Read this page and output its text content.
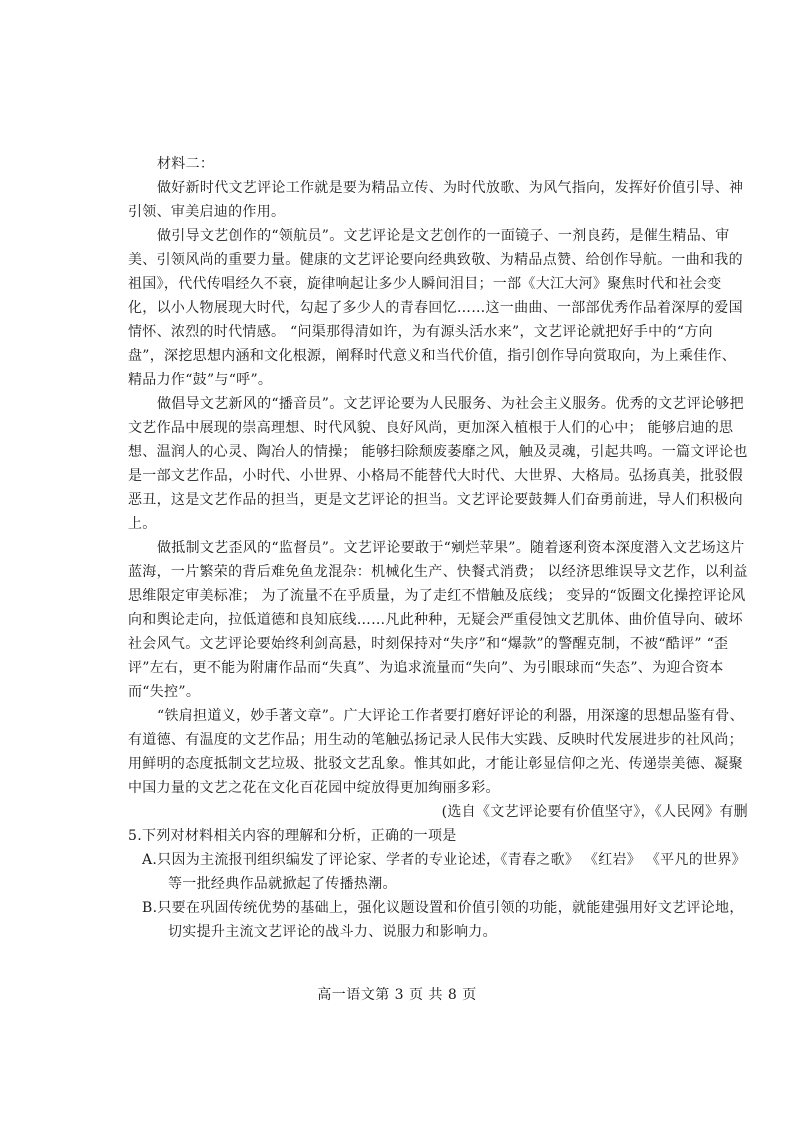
材料二：

做好新时代文艺评论工作就是要为精品立传、为时代放歌、为风气指向，发挥好价值引导、神引领、审美启迪的作用。

做引导文艺创作的“领航员”。文艺评论是文艺创作的一面镜子、一剂良药，是催生精品、审美、引领风尚的重要力量。健康的文艺评论要向经典致敬、为精品点赞、给创作导航。一曲和我的祖国》，代代传唱经久不衰，旋律响起让多少人瞬间泪目；一部《大江大河》聚焦时代和社会变化，以小人物展现大时代，勾起了多少人的青春回忆……这一曲曲、一部部优秀作品着深厚的爱国情怀、浓烈的时代情感。 “问渠那得清如许，为有源头活水来”，文艺评论就把好手中的“方向盘”，深挖思想内涵和文化根源，阐释时代意义和当代价值，指引创作导向赏取向，为上乘佳作、精品力作“鼓”与“呼”。

做倡导文艺新风的“播音员”。文艺评论要为人民服务、为社会主义服务。优秀的文艺评论够把文艺作品中展现的崇高理想、时代风貌、良好风尚，更加深入植根于人们的心中； 能够启迪的思想、温润人的心灵、陶冶人的情操； 能够扫除颓废萎靡之风，触及灵魂，引起共鸣。一篇文评论也是一部文艺作品，小时代、小世界、小格局不能替代大时代、大世界、大格局。弘扬真美，批驳假恶丑，这是文艺作品的担当，更是文艺评论的担当。文艺评论要鼓舞人们奋勇前进，导人们积极向上。

做抵制文艺歪风的“监督员”。文艺评论要敢于“剜烂苹果”。随着逐利资本深度潜入文艺场这片蓝海，一片繁荣的背后难免鱼龙混杂：机械化生产、快餐式消费； 以经济思维误导文艺作，以利益思维限定审美标准； 为了流量不在乎质量，为了走红不惜触及底线； 变异的“饭圈文化操控评论风向和舆论走向，拉低道德和良知底线……凡此种种，无疑会严重侵蚀文艺肌体、曲价值导向、破坏社会风气。文艺评论要始终利剑高悬，时刻保持对“失序”和“爆款”的警醒克制，不被“酷评” “歪评”左右，更不能为附庸作品而“失真”、为追求流量而“失向”、为引眼球而“失态”、为迎合资本而“失控”。

“铁肩担道义，妙手著文章”。广大评论工作者要打磨好评论的利器，用深邃的思想品鉴有骨、有道德、有温度的文艺作品；用生动的笔触弘扬记录人民伟大实践、反映时代发展进步的社风尚； 用鲜明的态度抵制文艺垃圾、批驳文艺乱象。惟其如此，才能让彰显信仰之光、传递崇美德、凝聚中国力量的文艺之花在文化百花园中绽放得更加绚丽多彩。

(选自《文艺评论要有价值坚守》，《人民网》有删

5.下列对材料相关内容的理解和分析，正确的一项是

A.只因为主流报刊组织编发了评论家、学者的专业论述，《青春之歌》 《红岩》 《平凡的世界》等一批经典作品就掀起了传播热潮。

B.只要在巩固传统优势的基础上，强化议题设置和价值引领的功能，就能建强用好文艺评论地，切实提升主流文艺评论的战斗力、说服力和影响力。

高一语文第 3 页 共 8 页
